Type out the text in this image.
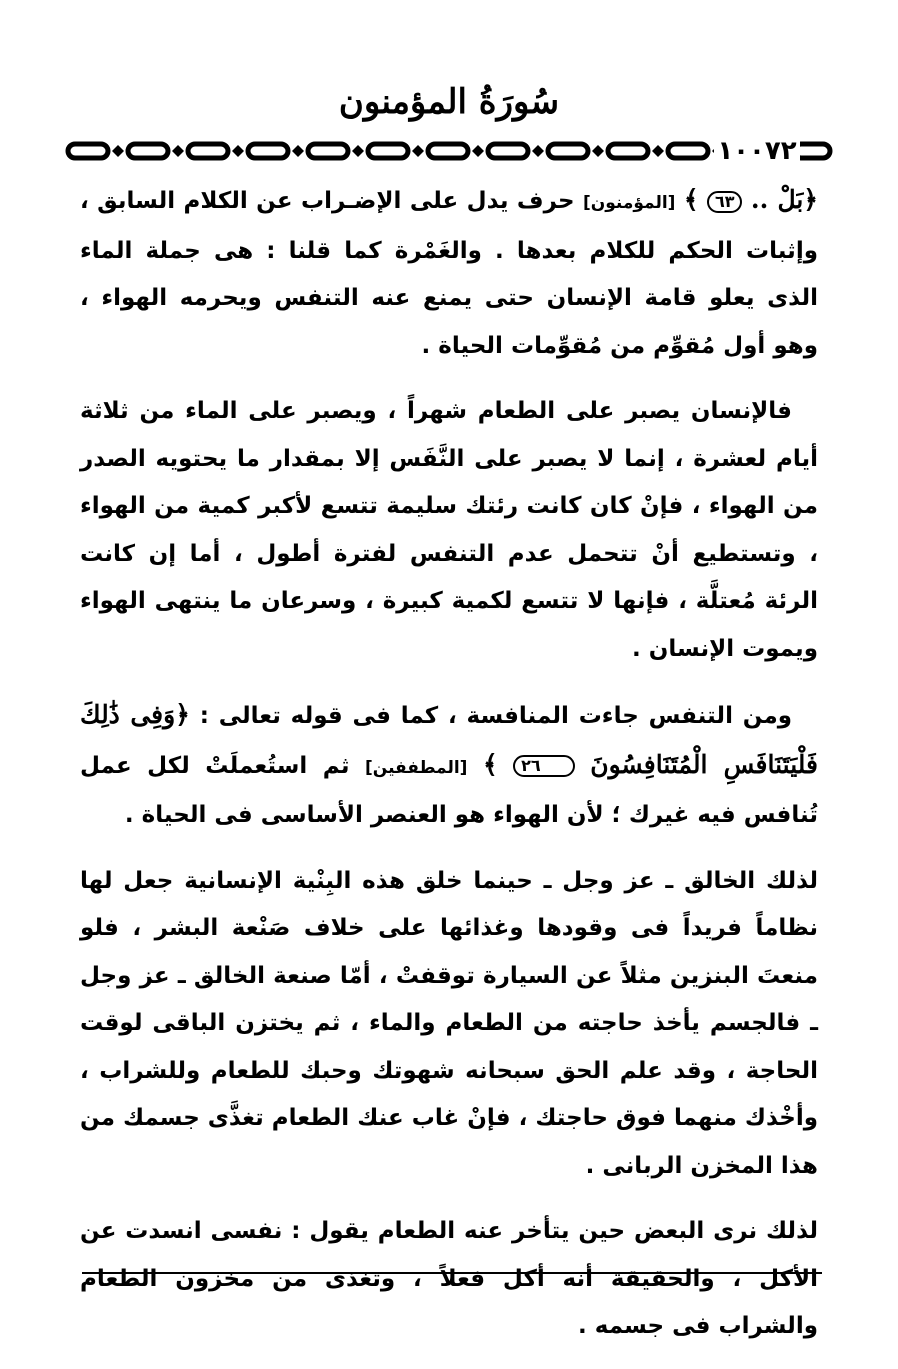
سُورَةُ المؤمنون
١٠٠٧٢

﴿بَلْ .. ٦٣ ﴾ [المؤمنون] حرف يدل على الإضـراب عن الكلام السابق ، وإثبات الحكم للكلام بعدها . والغَمْرة كما قلنا : هى جملة الماء الذى يعلو قامة الإنسان حتى يمنع عنه التنفس ويحرمه الهواء ، وهو أول مُقوِّم من مُقوِّمات الحياة .

فالإنسان يصبر على الطعام شهراً ، ويصبر على الماء من ثلاثة أيام لعشرة ، إنما لا يصبر على النَّفَس إلا بمقدار ما يحتويه الصدر من الهواء ، فإنْ كان كانت رئتك سليمة تتسع لأكبر كمية من الهواء ، وتستطيع أنْ تتحمل عدم التنفس لفترة أطول ، أما إن كانت الرئة مُعتلَّة ، فإنها لا تتسع لكمية كبيرة ، وسرعان ما ينتهى الهواء ويموت الإنسان .

ومن التنفس جاءت المنافسة ، كما فى قوله تعالى : ﴿وَفِى ذَٰلِكَ فَلْيَتَنَافَسِ الْمُتَنَافِسُونَ ٢٦ ﴾ [المطففين] ثم استُعملَتْ لكل عمل تُنافس فيه غيرك ؛ لأن الهواء هو العنصر الأساسى فى الحياة .

لذلك الخالق ـ عز وجل ـ حينما خلق هذه البِنْية الإنسانية جعل لها نظاماً فريداً فى وقودها وغذائها على خلاف صَنْعة البشر ، فلو منعتَ البنزين مثلاً عن السيارة توقفتْ ، أمّا صنعة الخالق ـ عز وجل ـ فالجسم يأخذ حاجته من الطعام والماء ، ثم يختزن الباقى لوقت الحاجة ، وقد علم الحق سبحانه شهوتك وحبك للطعام وللشراب ، وأخْذك منهما فوق حاجتك ، فإنْ غاب عنك الطعام تغذَّى جسمك من هذا المخزن الربانى .

لذلك نرى البعض حين يتأخر عنه الطعام يقول : نفسى انسدت عن الأكل ، والحقيقة أنه أكل فعلاً ، وتغذى من مخزون الطعام والشراب فى جسمه .
